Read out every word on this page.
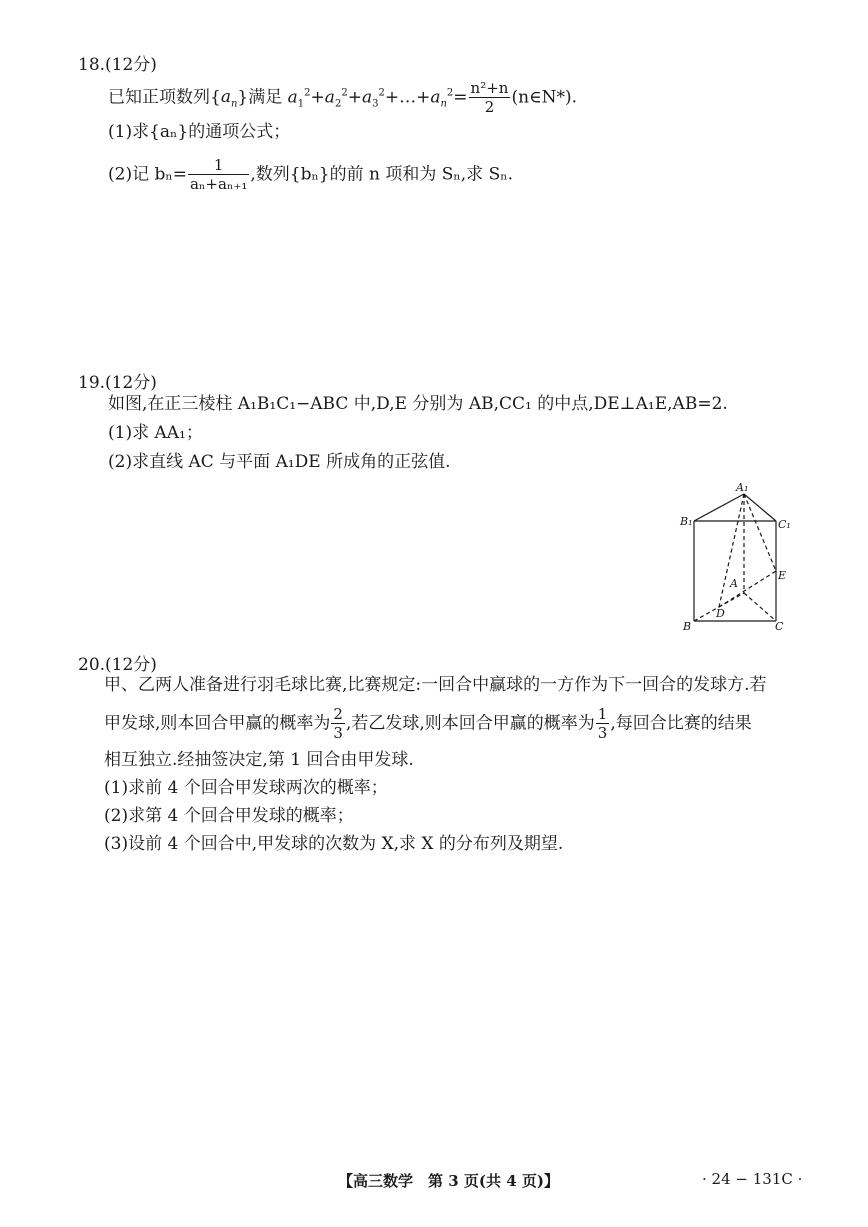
18.(12分)
已知正项数列$\{a_n\}$满足 $a_1^2+a_2^2+a_3^2+\dots+a_n^2= \frac{\text{n²+n}}{2}$ (n∈N*).
(1)求{aₙ}的通项公式；
(2)记 $b_n= \frac{1}{\text{aₙ+aₙ₊₁}}$ ,数列{bₙ}的前 n 项和为 Sₙ,求 Sₙ.
19.(12分)
如图,在正三棱柱 A₁B₁C₁−ABC 中,D,E 分别为 AB,CC₁ 的中点,DE⊥A₁E,AB=2.
(1)求 AA₁；
(2)求直线 AC 与平面 A₁DE 所成角的正弦值.
A₁
B₁	C₁
A
E
D
B	C
20.(12分)
甲、乙两人准备进行羽毛球比赛,比赛规定:一回合中赢球的一方作为下一回合的发球方.若
甲发球,则本回合甲赢的概率为 $\frac{2}{3}$ ,若乙发球,则本回合甲赢的概率为 $\frac{1}{3}$ ,每回合比赛的结果
相互独立.经抽签决定,第 1 回合由甲发球.
(1)求前 4 个回合甲发球两次的概率；
(2)求第 4 个回合甲发球的概率；
(3)设前 4 个回合中,甲发球的次数为 X,求 X 的分布列及期望.
【高三数学　第 3 页(共 4 页)】	· 24 − 131C ·
